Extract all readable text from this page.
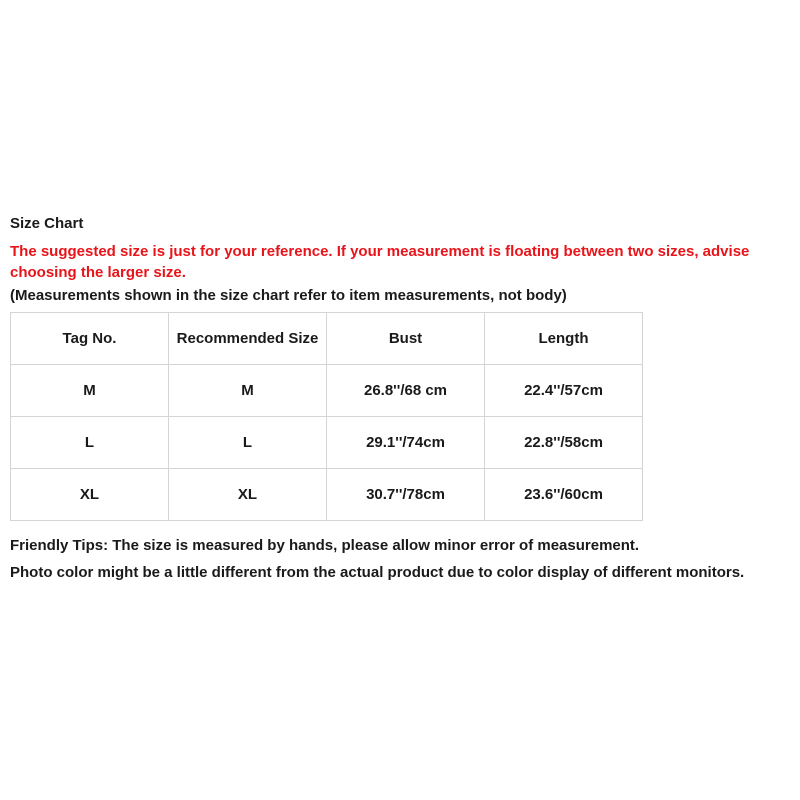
Size Chart
The suggested size is just for your reference. If your measurement is floating between two sizes, advise choosing the larger size.
(Measurements shown in the size chart refer to item measurements, not body)
Tag No.	Recommended Size	Bust	Length
M	M	26.8''/68 cm	22.4''/57cm
L	L	29.1''/74cm	22.8''/58cm
XL	XL	30.7''/78cm	23.6''/60cm
Friendly Tips: The size is measured by hands, please allow minor error of measurement.
Photo color might be a little different from the actual product due to color display of different monitors.
